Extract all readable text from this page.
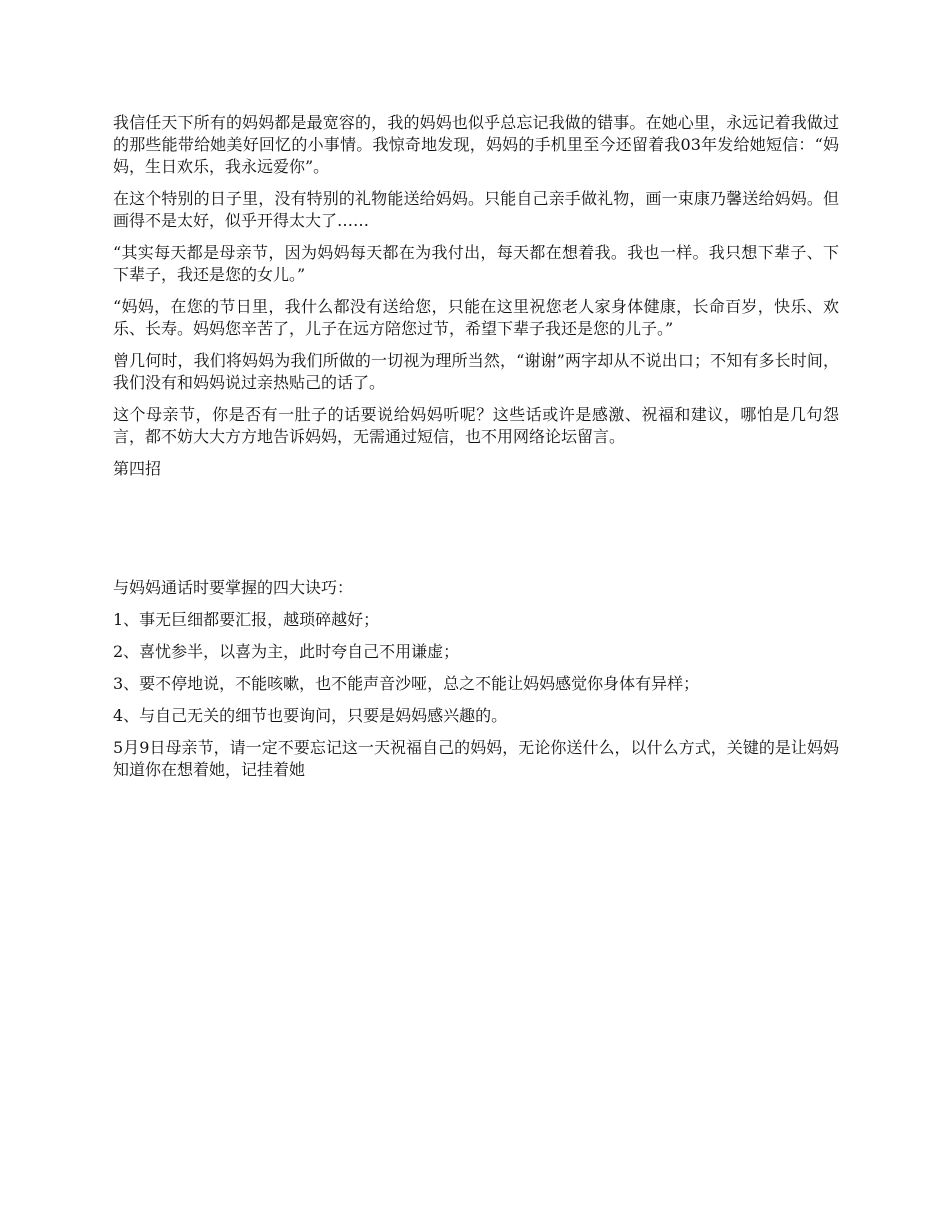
我信任天下所有的妈妈都是最宽容的，我的妈妈也似乎总忘记我做的错事。在她心里，永远记着我做过的那些能带给她美好回忆的小事情。我惊奇地发现，妈妈的手机里至今还留着我03年发给她短信：“妈妈，生日欢乐，我永远爱你”。

在这个特别的日子里，没有特别的礼物能送给妈妈。只能自己亲手做礼物，画一束康乃馨送给妈妈。但画得不是太好，似乎开得太大了……

“其实每天都是母亲节，因为妈妈每天都在为我付出，每天都在想着我。我也一样。我只想下辈子、下下辈子，我还是您的女儿。”

“妈妈，在您的节日里，我什么都没有送给您，只能在这里祝您老人家身体健康，长命百岁，快乐、欢乐、长寿。妈妈您辛苦了，儿子在远方陪您过节，希望下辈子我还是您的儿子。”

曾几何时，我们将妈妈为我们所做的一切视为理所当然，“谢谢”两字却从不说出口；不知有多长时间，我们没有和妈妈说过亲热贴己的话了。

这个母亲节，你是否有一肚子的话要说给妈妈听呢？这些话或许是感激、祝福和建议，哪怕是几句怨言，都不妨大大方方地告诉妈妈，无需通过短信，也不用网络论坛留言。

第四招

与妈妈通话时要掌握的四大诀巧：

1、事无巨细都要汇报，越琐碎越好；

2、喜忧参半，以喜为主，此时夸自己不用谦虚；

3、要不停地说，不能咳嗽，也不能声音沙哑，总之不能让妈妈感觉你身体有异样；

4、与自己无关的细节也要询问，只要是妈妈感兴趣的。

5月9日母亲节，请一定不要忘记这一天祝福自己的妈妈，无论你送什么，以什么方式，关键的是让妈妈知道你在想着她，记挂着她
